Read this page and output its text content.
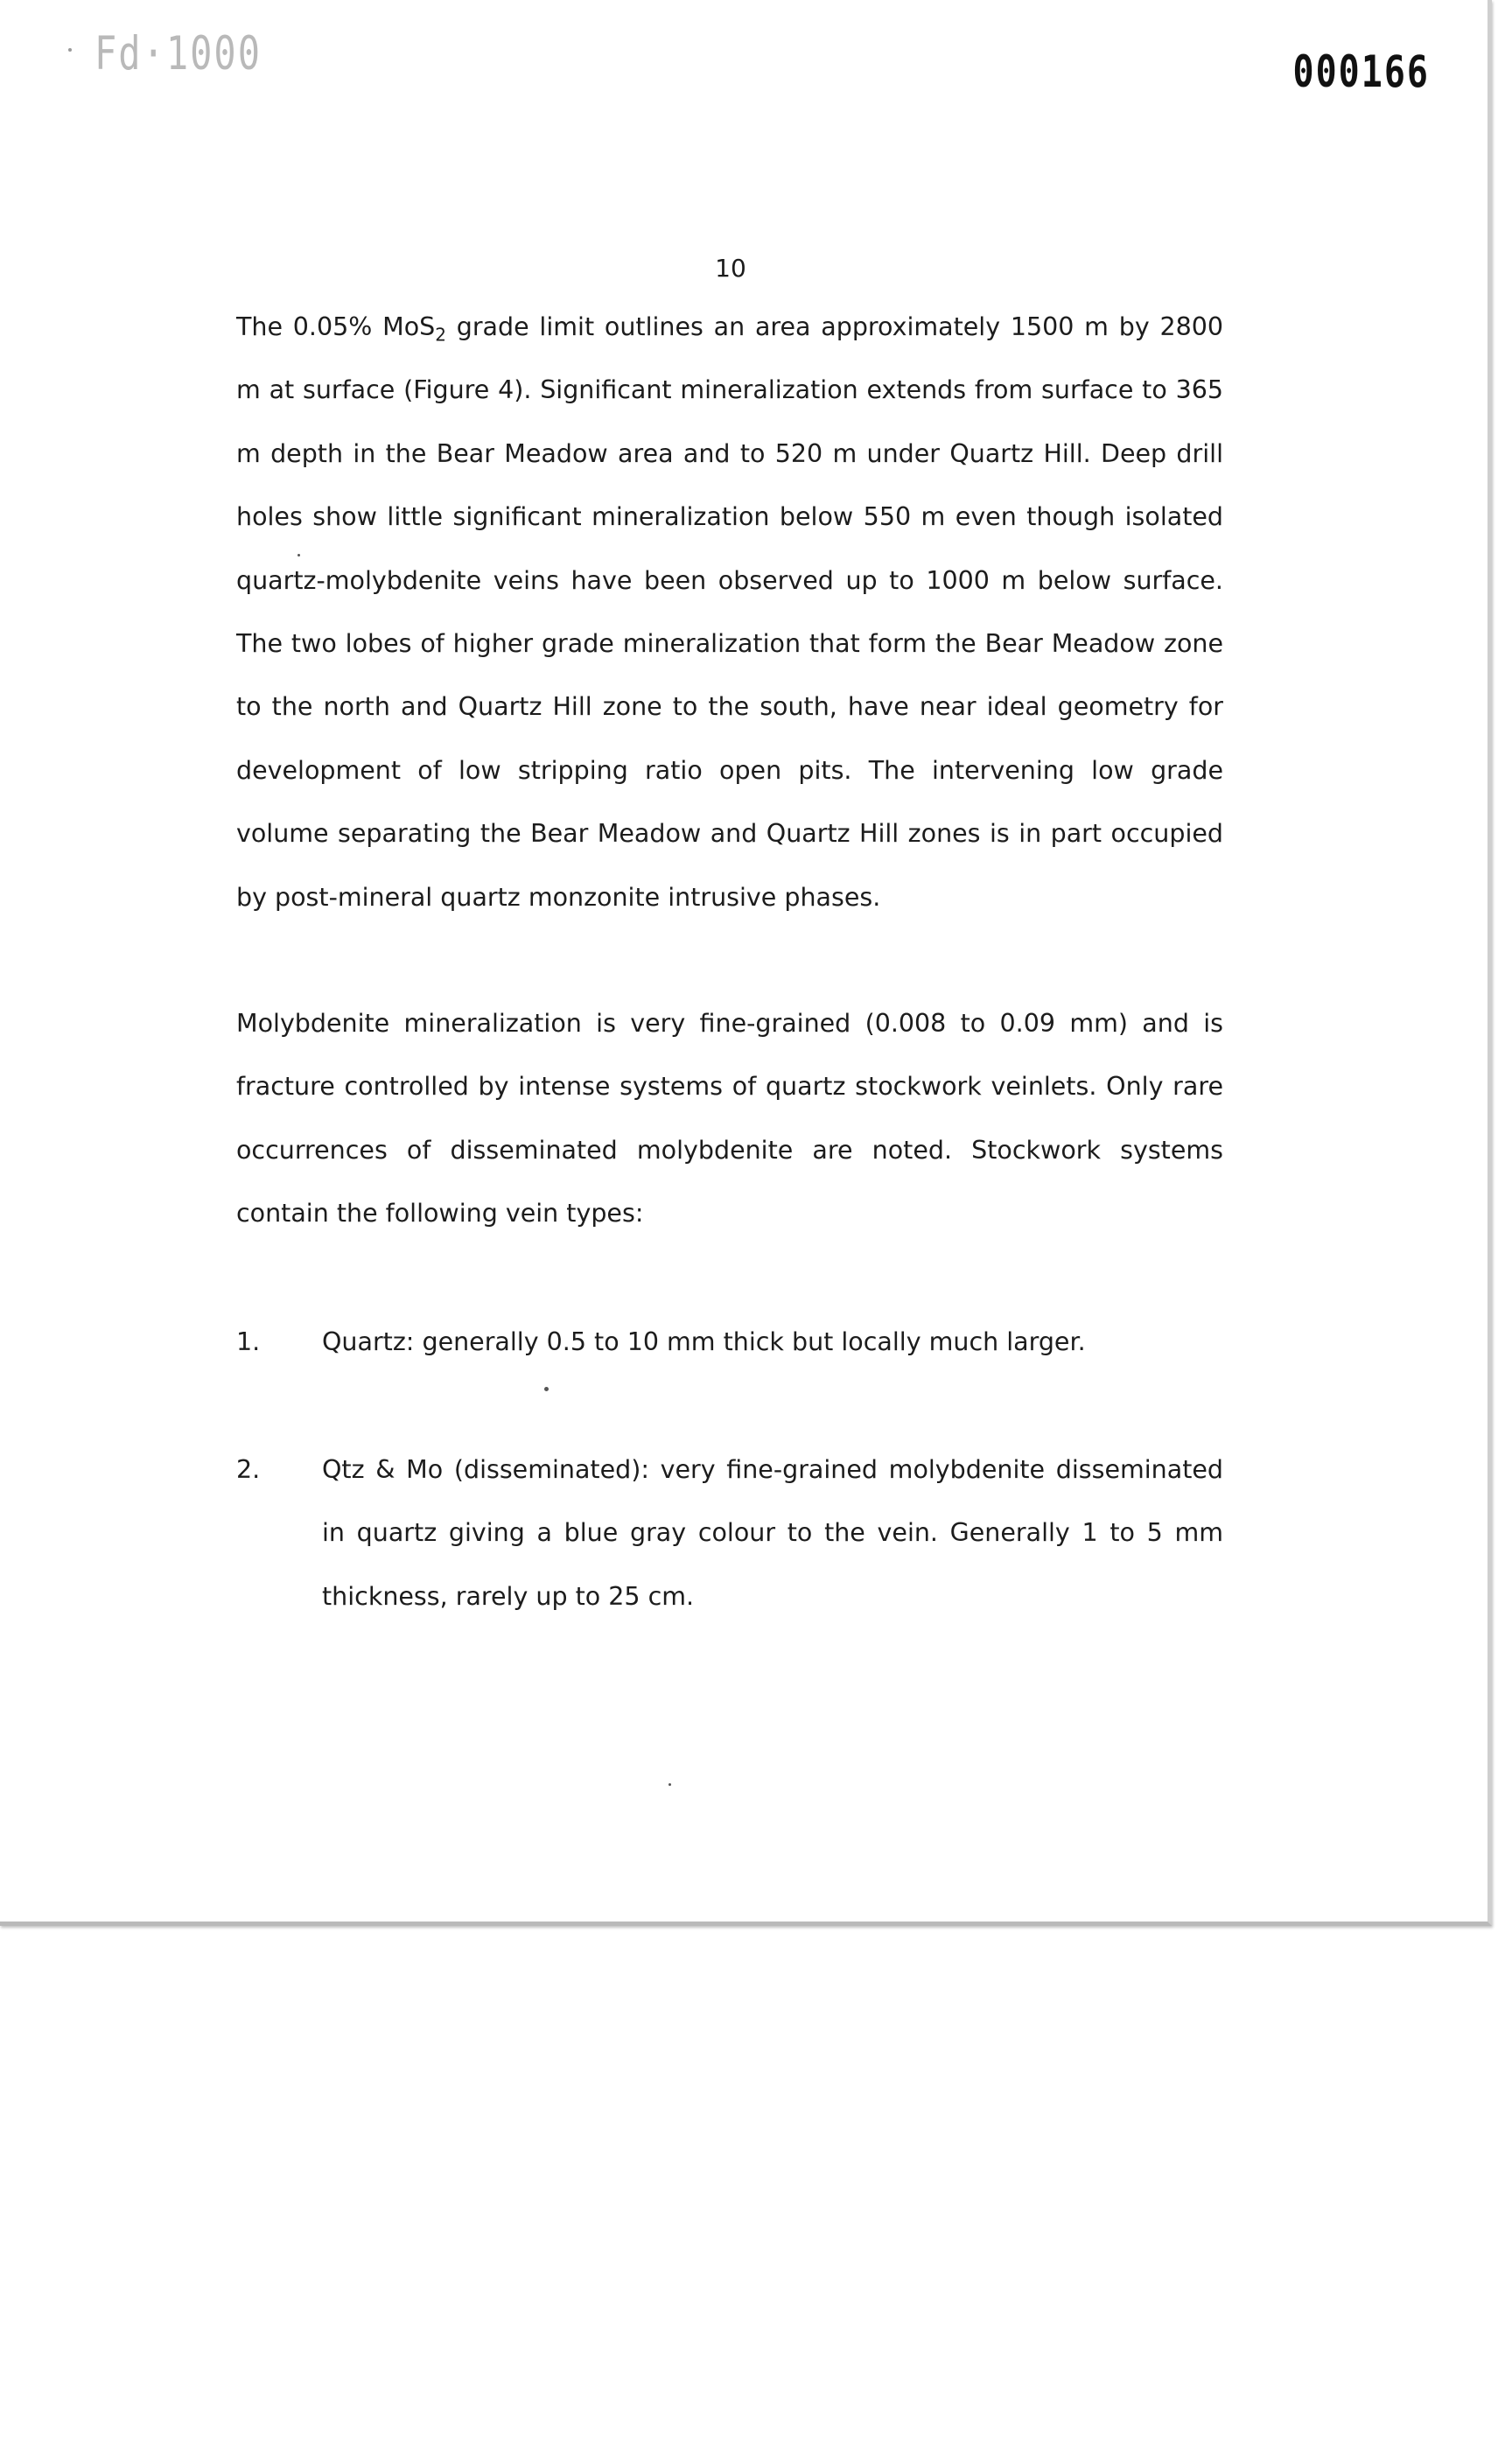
Fd·1000	000166
10

The 0.05% MoS$_2$ grade limit outlines an area approximately 1500 m by 2800 m at surface (Figure 4). Significant mineralization extends from surface to 365 m depth in the Bear Meadow area and to 520 m under Quartz Hill. Deep drill holes show little significant mineralization below 550 m even though isolated quartz-molybdenite veins have been observed up to 1000 m below surface. The two lobes of higher grade mineralization that form the Bear Meadow zone to the north and Quartz Hill zone to the south, have near ideal geometry for development of low stripping ratio open pits. The intervening low grade volume separating the Bear Meadow and Quartz Hill zones is in part occupied by post-mineral quartz monzonite intrusive phases.

Molybdenite mineralization is very fine-grained (0.008 to 0.09 mm) and is fracture controlled by intense systems of quartz stockwork veinlets. Only rare occurrences of disseminated molybdenite are noted. Stockwork systems contain the following vein types:

1. Quartz: generally 0.5 to 10 mm thick but locally much larger.

2. Qtz & Mo (disseminated): very fine-grained molybdenite disseminated in quartz giving a blue gray colour to the vein. Generally 1 to 5 mm thickness, rarely up to 25 cm.
